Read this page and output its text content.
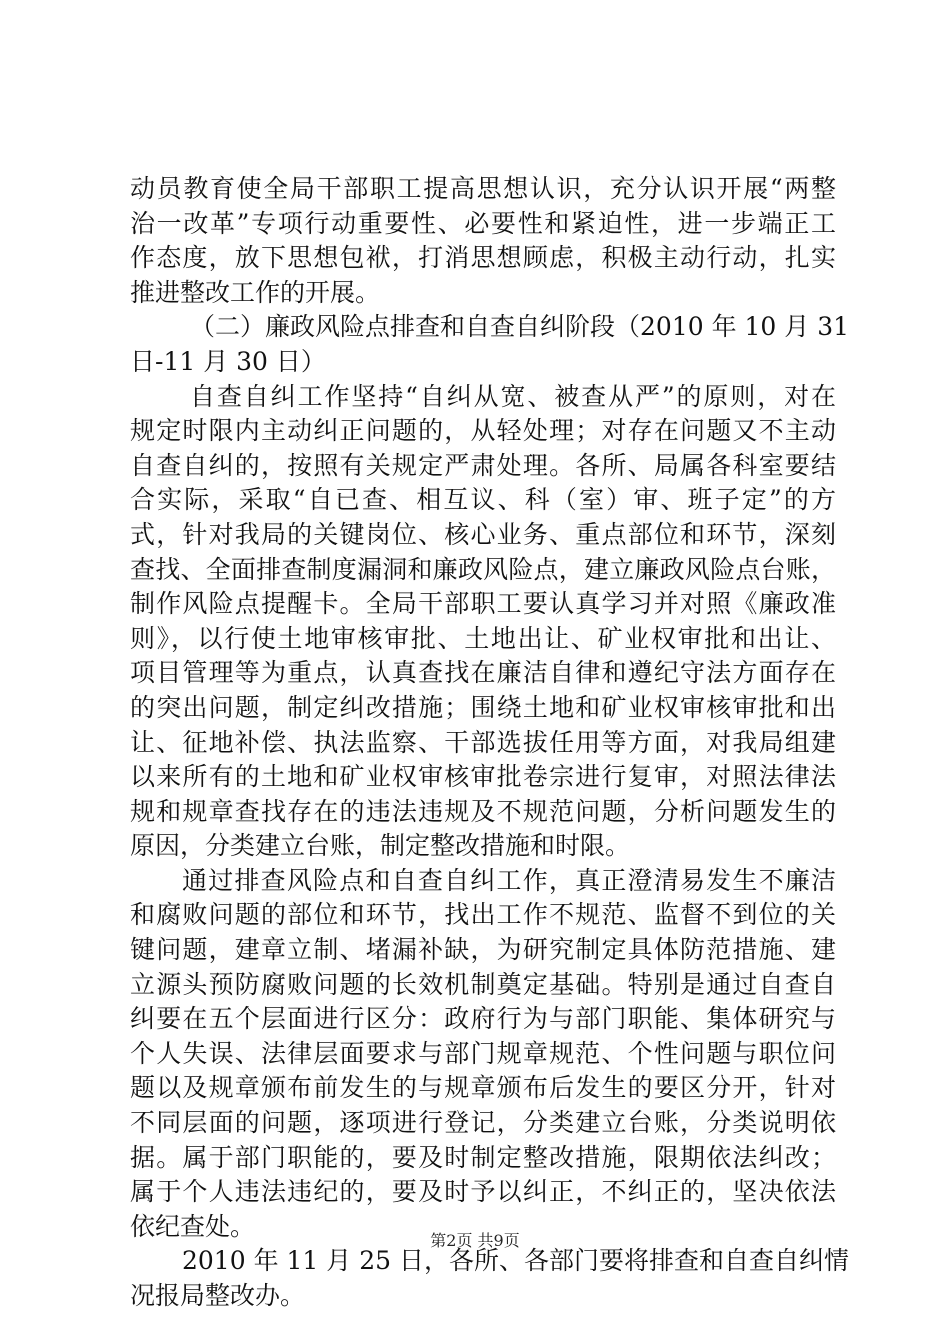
动员教育使全局干部职工提高思想认识，充分认识开展“两整
治一改革”专项行动重要性、必要性和紧迫性，进一步端正工
作态度，放下思想包袱，打消思想顾虑，积极主动行动，扎实
推进整改工作的开展。
（二）廉政风险点排查和自查自纠阶段（2010 年 10 月 31
日-11 月 30 日）
自查自纠工作坚持“自纠从宽、被查从严”的原则，对在
规定时限内主动纠正问题的，从轻处理；对存在问题又不主动
自查自纠的，按照有关规定严肃处理。各所、局属各科室要结
合实际，采取“自已查、相互议、科（室）审、班子定”的方
式，针对我局的关键岗位、核心业务、重点部位和环节，深刻
查找、全面排查制度漏洞和廉政风险点，建立廉政风险点台账，
制作风险点提醒卡。全局干部职工要认真学习并对照《廉政准
则》，以行使土地审核审批、土地出让、矿业权审批和出让、
项目管理等为重点，认真查找在廉洁自律和遵纪守法方面存在
的突出问题，制定纠改措施；围绕土地和矿业权审核审批和出
让、征地补偿、执法监察、干部选拔任用等方面，对我局组建
以来所有的土地和矿业权审核审批卷宗进行复审，对照法律法
规和规章查找存在的违法违规及不规范问题，分析问题发生的
原因，分类建立台账，制定整改措施和时限。
通过排查风险点和自查自纠工作，真正澄清易发生不廉洁
和腐败问题的部位和环节，找出工作不规范、监督不到位的关
键问题，建章立制、堵漏补缺，为研究制定具体防范措施、建
立源头预防腐败问题的长效机制奠定基础。特别是通过自查自
纠要在五个层面进行区分：政府行为与部门职能、集体研究与
个人失误、法律层面要求与部门规章规范、个性问题与职位问
题以及规章颁布前发生的与规章颁布后发生的要区分开，针对
不同层面的问题，逐项进行登记，分类建立台账，分类说明依
据。属于部门职能的，要及时制定整改措施，限期依法纠改；
属于个人违法违纪的，要及时予以纠正，不纠正的，坚决依法
依纪查处。
2010 年 11 月 25 日，各所、各部门要将排查和自查自纠情
况报局整改办。
第2页 共9页
